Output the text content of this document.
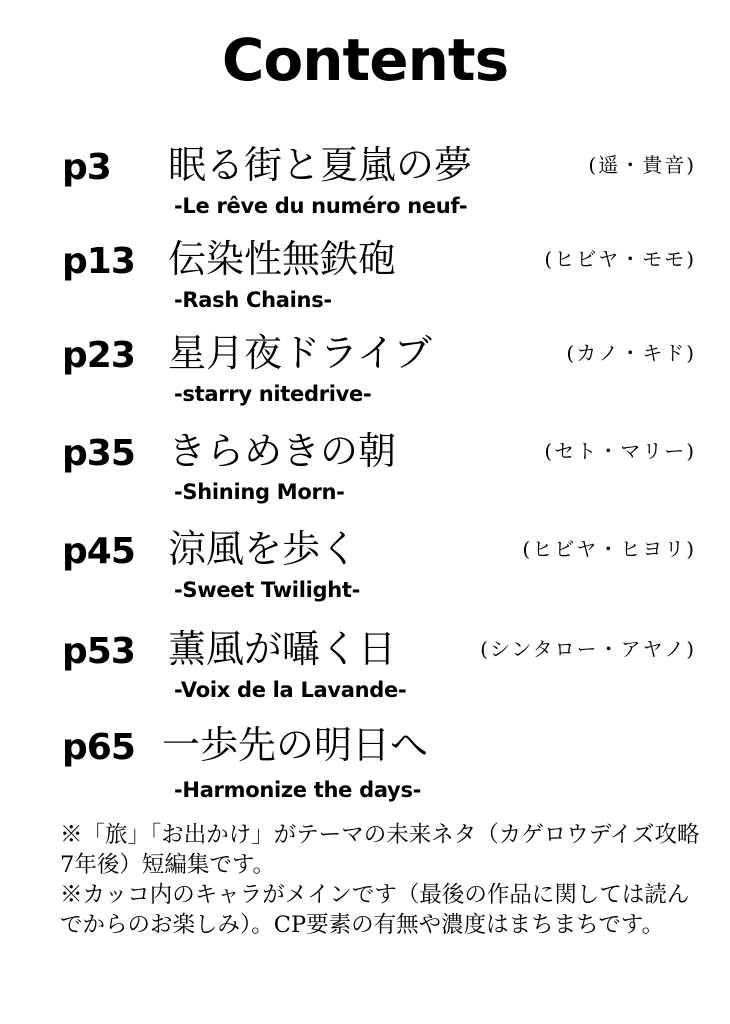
Contents
p3 眠る街と夏嵐の夢	(遥・貴音)
-Le rêve du numéro neuf-
p13 伝染性無鉄砲	(ヒビヤ・モモ)
-Rash Chains-
p23 星月夜ドライブ	(カノ・キド)
-starry nitedrive-
p35 きらめきの朝	(セト・マリー)
-Shining Morn-
p45 涼風を歩く	(ヒビヤ・ヒヨリ)
-Sweet Twilight-
p53 薫風が囁く日	(シンタロー・アヤノ)
-Voix de la Lavande-
p65 一歩先の明日へ
-Harmonize the days-

※「旅」「お出かけ」がテーマの未来ネタ（カゲロウデイズ攻略7年後）短編集です。

※カッコ内のキャラがメインです（最後の作品に関しては読んでからのお楽しみ）。CP要素の有無や濃度はまちまちです。
